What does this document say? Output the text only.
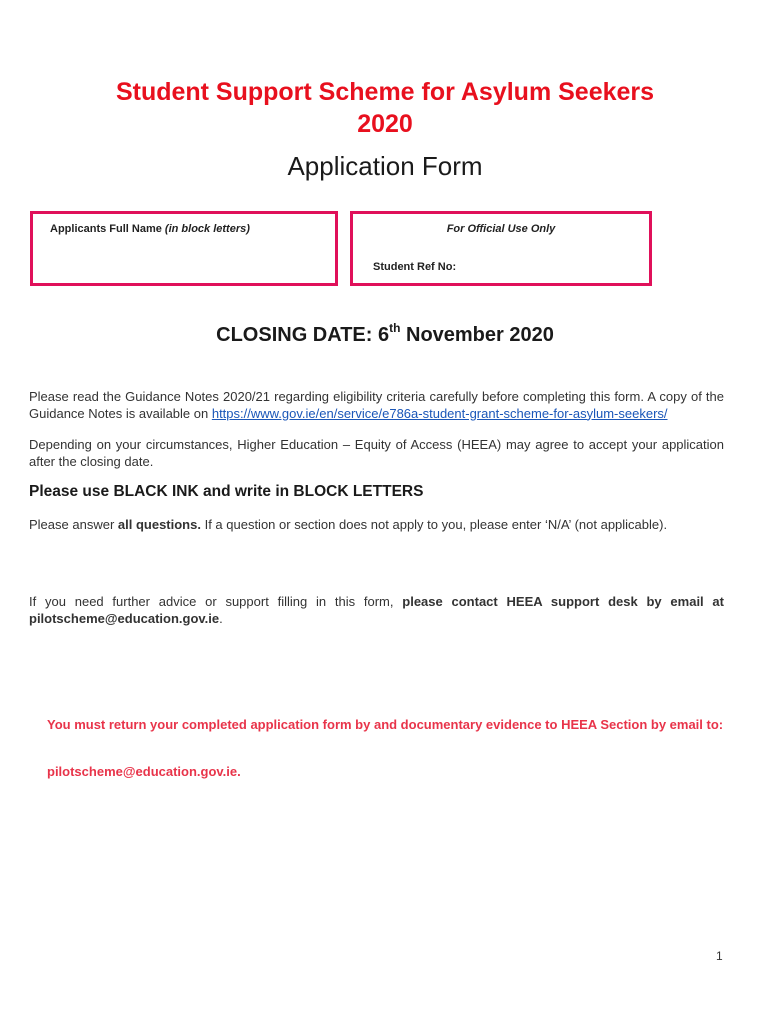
Student Support Scheme for Asylum Seekers
2020
Application Form
Applicants Full Name (in block letters)	For Official Use Only
Student Ref No:
CLOSING DATE: 6th November 2020
Please read the Guidance Notes 2020/21 regarding eligibility criteria carefully before completing this form. A copy of the Guidance Notes is available on https://www.gov.ie/en/service/e786a-student-grant-scheme-for-asylum-seekers/
Depending on your circumstances, Higher Education – Equity of Access (HEEA) may agree to accept your application after the closing date.
Please use BLACK INK and write in BLOCK LETTERS
Please answer all questions. If a question or section does not apply to you, please enter ‘N/A’ (not applicable).
If you need further advice or support filling in this form, please contact HEEA support desk by email at pilotscheme@education.gov.ie.
You must return your completed application form by and documentary evidence to HEEA Section by email to:
pilotscheme@education.gov.ie.
1
